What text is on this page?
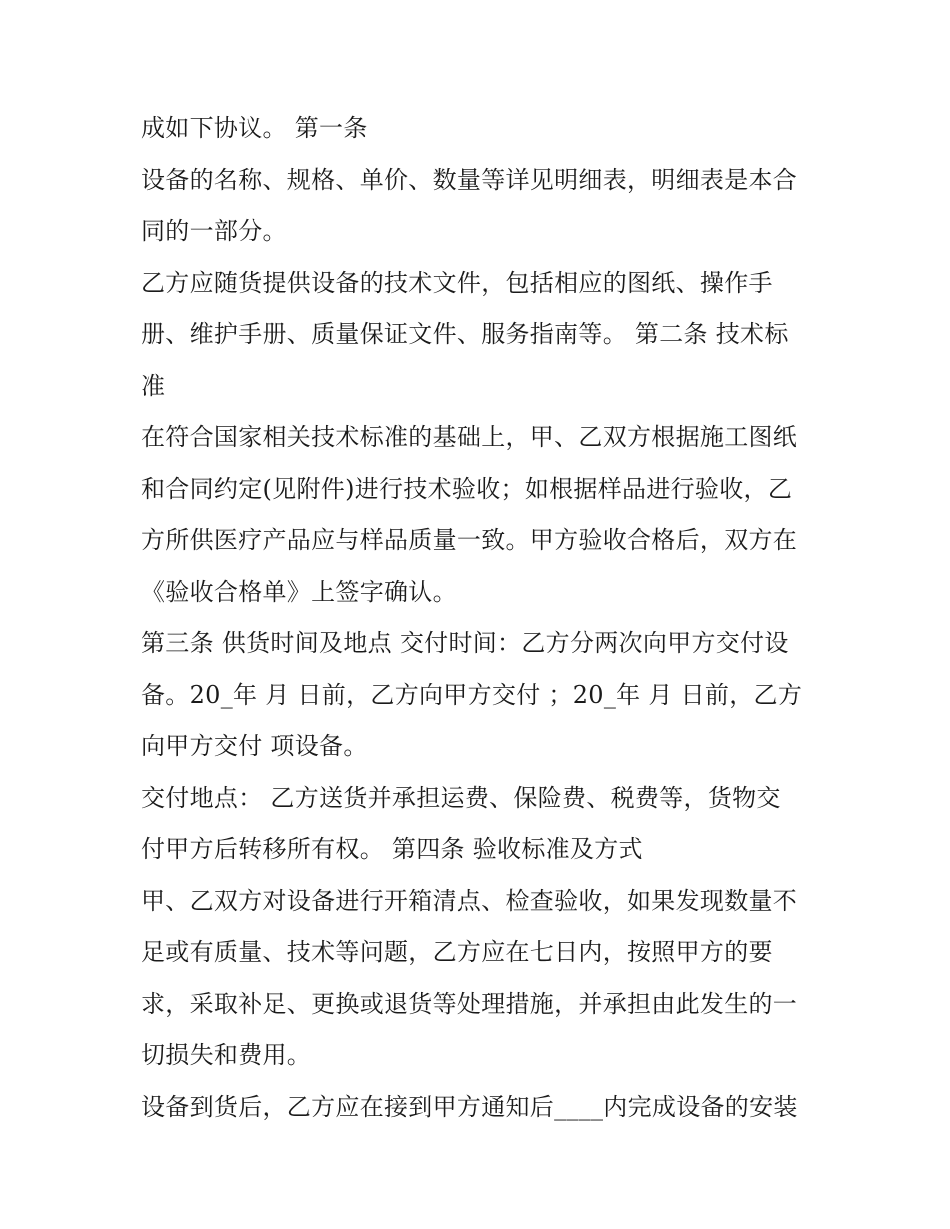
成如下协议。 第一条
设备的名称、规格、单价、数量等详见明细表，明细表是本合
同的一部分。
乙方应随货提供设备的技术文件，包括相应的图纸、操作手
册、维护手册、质量保证文件、服务指南等。 第二条 技术标
准
在符合国家相关技术标准的基础上，甲、乙双方根据施工图纸
和合同约定(见附件)进行技术验收；如根据样品进行验收，乙
方所供医疗产品应与样品质量一致。甲方验收合格后，双方在
《验收合格单》上签字确认。
第三条 供货时间及地点 交付时间：乙方分两次向甲方交付设
备。20_年 月 日前，乙方向甲方交付 ；20_年 月 日前，乙方
向甲方交付 项设备。
交付地点： 乙方送货并承担运费、保险费、税费等，货物交
付甲方后转移所有权。 第四条 验收标准及方式
甲、乙双方对设备进行开箱清点、检查验收，如果发现数量不
足或有质量、技术等问题，乙方应在七日内，按照甲方的要
求，采取补足、更换或退货等处理措施，并承担由此发生的一
切损失和费用。
设备到货后，乙方应在接到甲方通知后____内完成设备的安装
